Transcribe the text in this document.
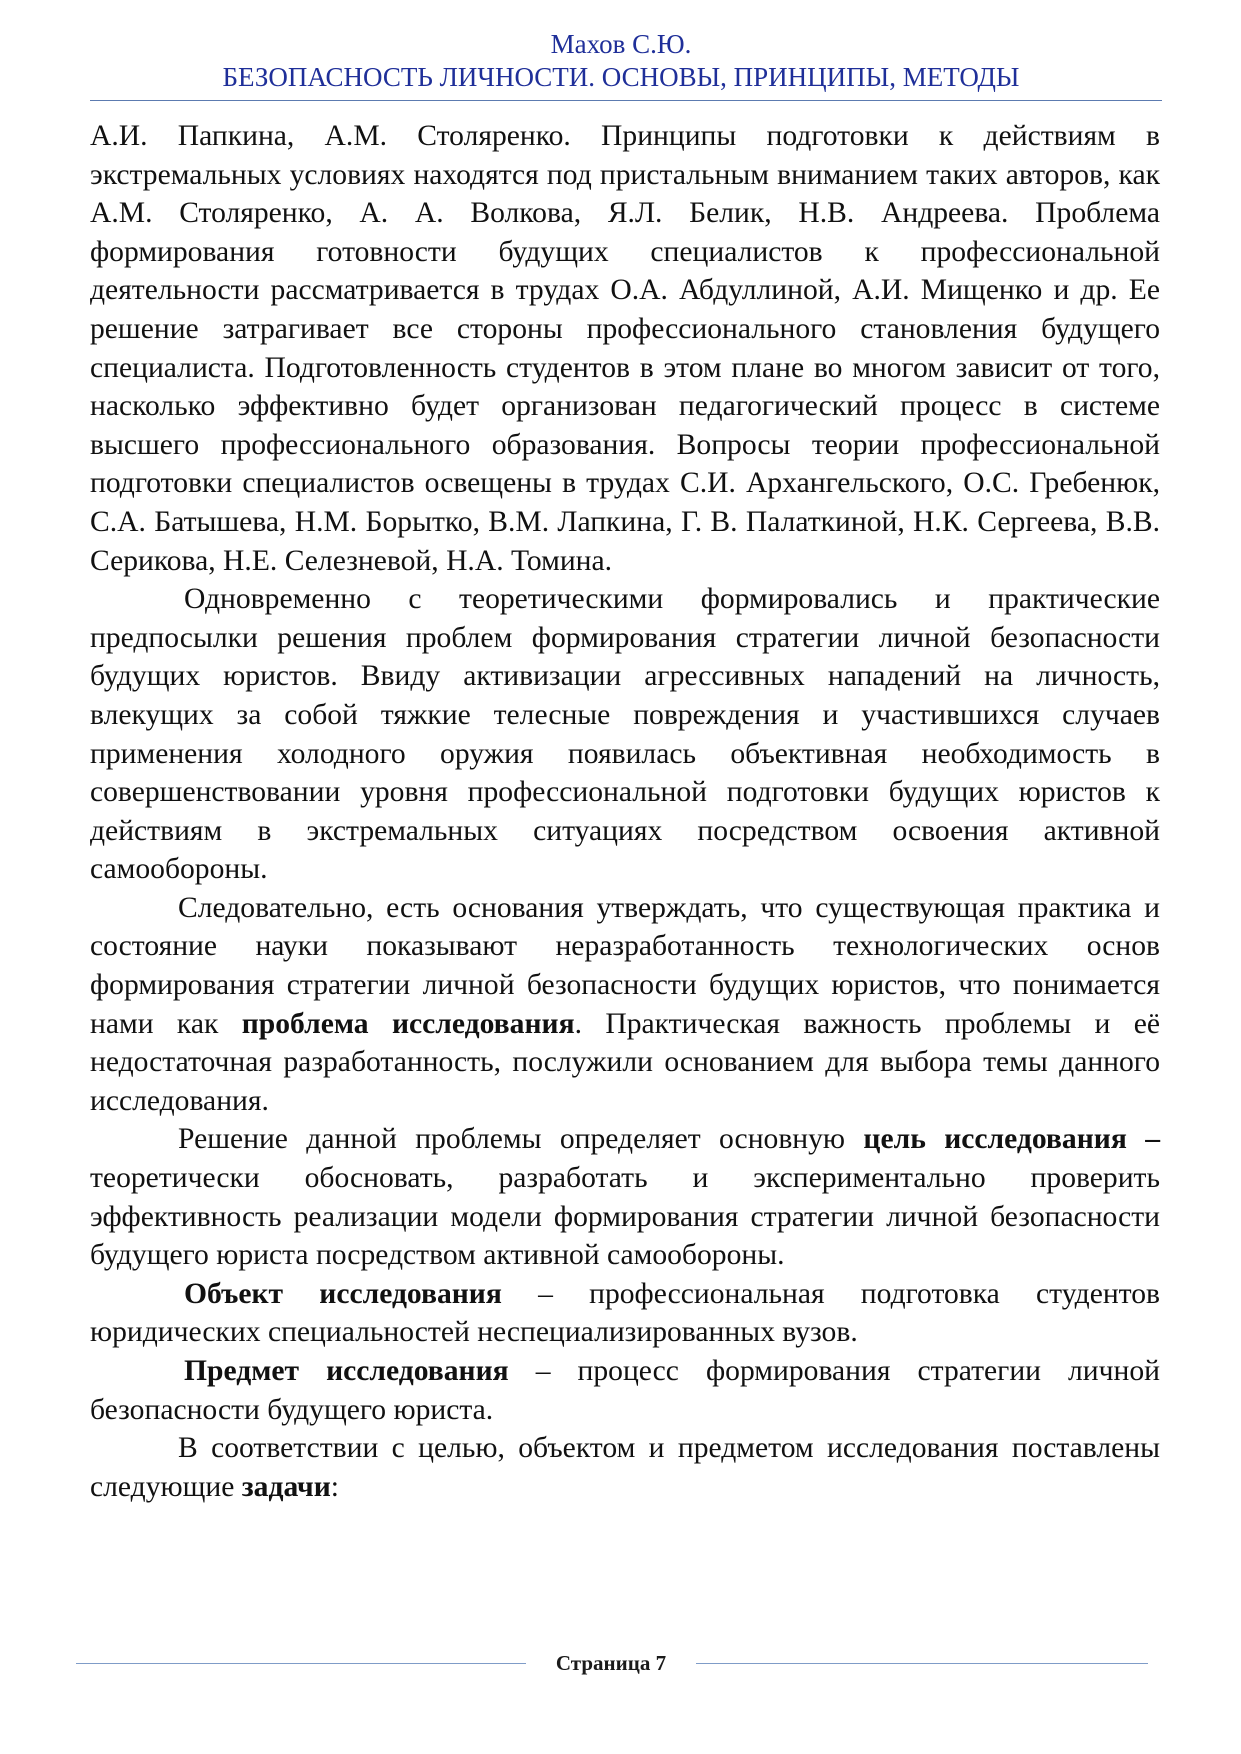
Махов С.Ю.
БЕЗОПАСНОСТЬ ЛИЧНОСТИ. ОСНОВЫ, ПРИНЦИПЫ, МЕТОДЫ

А.И. Папкина, А.М. Столяренко. Принципы подготовки к действиям в экстремальных условиях находятся под пристальным вниманием таких авторов, как А.М. Столяренко, А. А. Волкова, Я.Л. Белик, Н.В. Андреева. Проблема формирования готовности будущих специалистов к профессиональной деятельности рассматривается в трудах О.А. Абдуллиной, А.И. Мищенко и др. Ее решение затрагивает все стороны профессионального становления будущего специалиста. Подготовленность студентов в этом плане во многом зависит от того, насколько эффективно будет организован педагогический процесс в системе высшего профессионального образования. Вопросы теории профессиональной подготовки специалистов освещены в трудах С.И. Архангельского, О.С. Гребенюк, С.А. Батышева, Н.М. Борытко, В.М. Лапкина, Г. В. Палаткиной, Н.К. Сергеева, В.В. Серикова, Н.Е. Селезневой, Н.А. Томина.

Одновременно с теоретическими формировались и практические предпосылки решения проблем формирования стратегии личной безопасности будущих юристов. Ввиду активизации агрессивных нападений на личность, влекущих за собой тяжкие телесные повреждения и участившихся случаев применения холодного оружия появилась объективная необходимость в совершенствовании уровня профессиональной подготовки будущих юристов к действиям в экстремальных ситуациях посредством освоения активной самообороны.

Следовательно, есть основания утверждать, что существующая практика и состояние науки показывают неразработанность технологических основ формирования стратегии личной безопасности будущих юристов, что понимается нами как проблема исследования. Практическая важность проблемы и её недостаточная разработанность, послужили основанием для выбора темы данного исследования.

Решение данной проблемы определяет основную цель исследования – теоретически обосновать, разработать и экспериментально проверить эффективность реализации модели формирования стратегии личной безопасности будущего юриста посредством активной самообороны.

Объект исследования – профессиональная подготовка студентов юридических специальностей неспециализированных вузов.

Предмет исследования – процесс формирования стратегии личной безопасности будущего юриста.

В соответствии с целью, объектом и предметом исследования поставлены следующие задачи:

Страница 7
